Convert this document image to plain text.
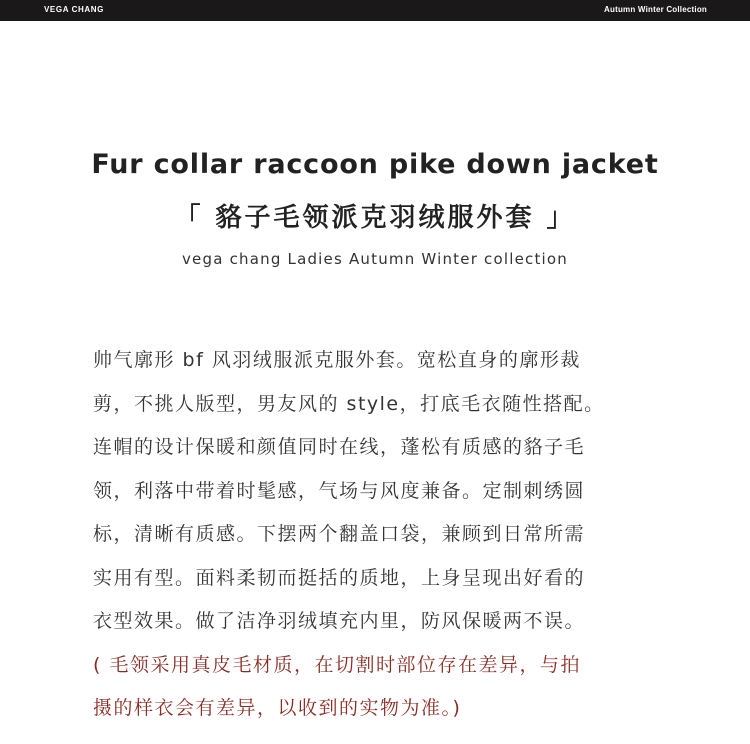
VEGA CHANG	Autumn Winter Collection
Fur collar raccoon pike down jacket
「 貉子毛领派克羽绒服外套 」
vega chang Ladies Autumn Winter collection
帅气廓形 bf 风羽绒服派克服外套。宽松直身的廓形裁
剪，不挑人版型，男友风的 style，打底毛衣随性搭配。
连帽的设计保暖和颜值同时在线，蓬松有质感的貉子毛
领，利落中带着时髦感，气场与风度兼备。定制刺绣圆
标，清晰有质感。下摆两个翻盖口袋，兼顾到日常所需
实用有型。面料柔韧而挺括的质地，上身呈现出好看的
衣型效果。做了洁净羽绒填充内里，防风保暖两不误。
( 毛领采用真皮毛材质，在切割时部位存在差异，与拍
摄的样衣会有差异，以收到的实物为准。)
